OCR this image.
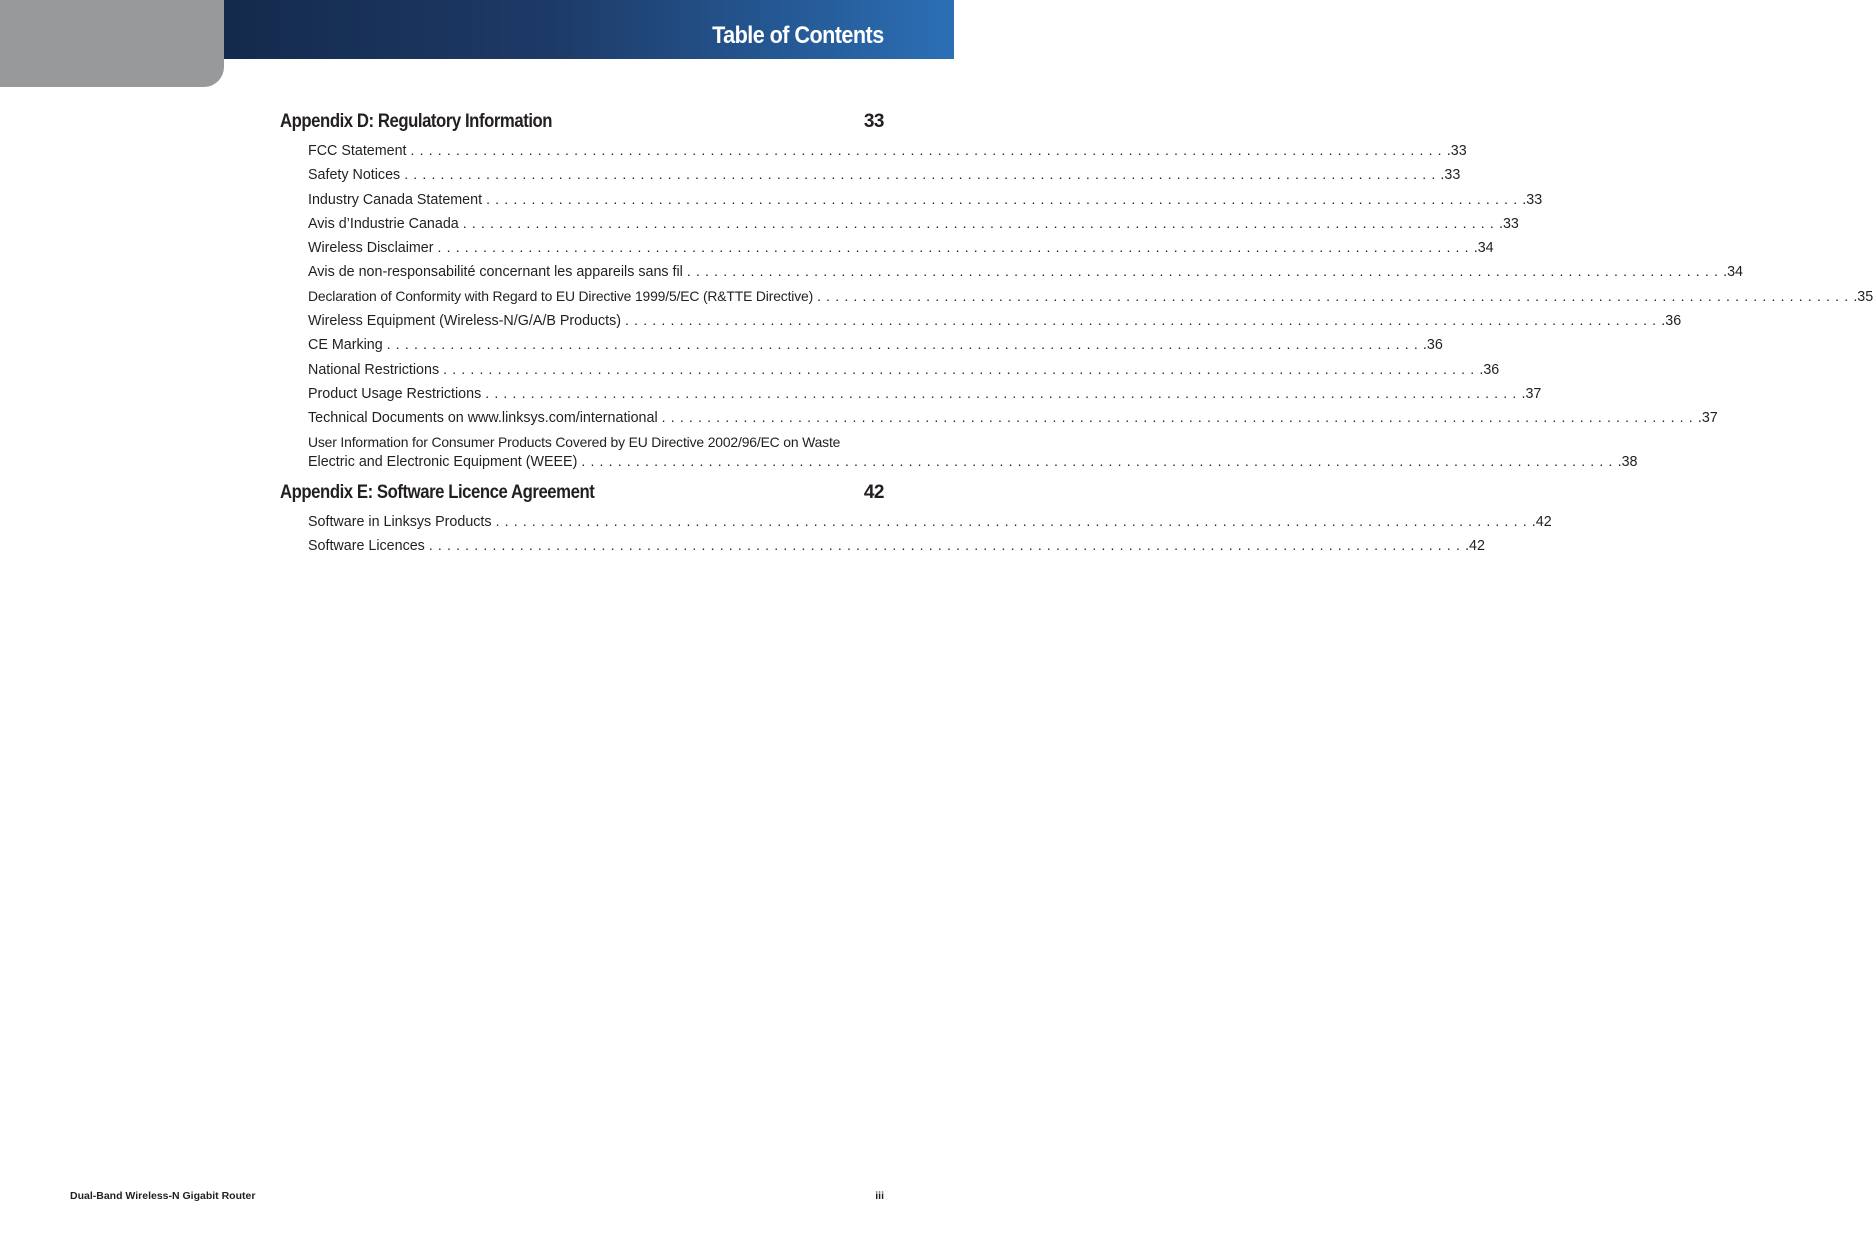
Table of Contents
Appendix D: Regulatory Information	33
FCC Statement .................................................................................................................. .33
Safety Notices .................................................................................................................. .33
Industry Canada Statement .................................................................................................................. .33
Avis d’Industrie Canada .................................................................................................................. .33
Wireless Disclaimer .................................................................................................................. .34
Avis de non-responsabilité concernant les appareils sans fil .................................................................................................................. .34
Declaration of Conformity with Regard to EU Directive 1999/5/EC (R&TTE Directive) .................................................................................................................. .35
Wireless Equipment (Wireless-N/G/A/B Products) .................................................................................................................. .36
CE Marking .................................................................................................................. .36
National Restrictions .................................................................................................................. .36
Product Usage Restrictions .................................................................................................................. .37
Technical Documents on www.linksys.com/international .................................................................................................................. .37
User Information for Consumer Products Covered by EU Directive 2002/96/EC on Waste
Electric and Electronic Equipment (WEEE) .................................................................................................................. .38
Appendix E: Software Licence Agreement	42
Software in Linksys Products .................................................................................................................. .42
Software Licences .................................................................................................................. .42
Dual-Band Wireless-N Gigabit Router	iii
